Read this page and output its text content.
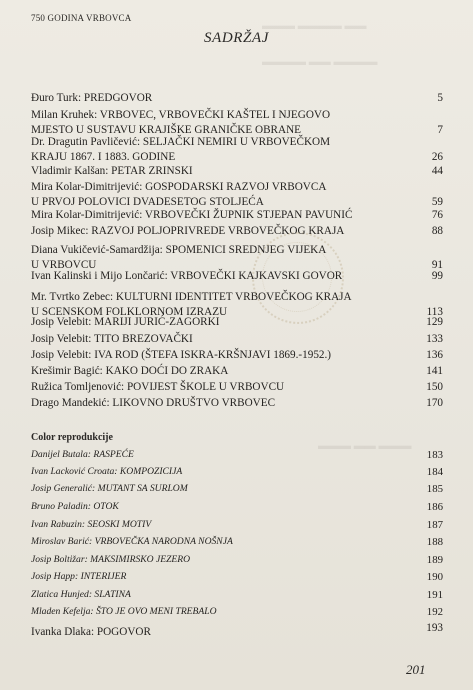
▬▬▬ ▬▬▬▬ ▬▬
▬▬▬▬ ▬▬ ▬▬▬▬
▬▬▬ ▬▬ ▬▬▬
750 GODINA VRBOVCA
SADRŽAJ
Đuro Turk: PREDGOVOR	5
Milan Kruhek: VRBOVEC, VRBOVEČKI KAŠTEL I NJEGOVO
MJESTO U SUSTAVU KRAJIŠKE GRANIČKE OBRANE	7
Dr. Dragutin Pavličević: SELJAČKI NEMIRI U VRBOVEČKOM
KRAJU 1867. I 1883. GODINE	26
Vladimir Kalšan: PETAR ZRINSKI	44
Mira Kolar-Dimitrijević: GOSPODARSKI RAZVOJ VRBOVCA
U PRVOJ POLOVICI DVADESETOG STOLJEĆA	59
Mira Kolar-Dimitrijević: VRBOVEČKI ŽUPNIK STJEPAN PAVUNIĆ	76
Josip Mikec: RAZVOJ POLJOPRIVREDE VRBOVEČKOG KRAJA	88
Diana Vukičević-Samardžija: SPOMENICI SREDNJEG VIJEKA
U VRBOVCU	91
Ivan Kalinski i Mijo Lončarić: VRBOVEČKI KAJKAVSKI GOVOR	99
Mr. Tvrtko Zebec: KULTURNI IDENTITET VRBOVEČKOG KRAJA
U SCENSKOM FOLKLORNOM IZRAZU	113
Josip Velebit: MARIJI JURIĆ-ZAGORKI	129
Josip Velebit: TITO BREZOVAČKI	133
Josip Velebit: IVA ROD (ŠTEFA ISKRA-KRŠNJAVI 1869.-1952.)	136
Krešimir Bagić: KAKO DOĆI DO ZRAKA	141
Ružica Tomljenović: POVIJEST ŠKOLE U VRBOVCU	150
Drago Mandekić: LIKOVNO DRUŠTVO VRBOVEC	170
Color reprodukcije
Danijel Butala: RASPEĆE	183
Ivan Lacković Croata: KOMPOZICIJA	184
Josip Generalić: MUTANT SA SURLOM	185
Bruno Paladin: OTOK	186
Ivan Rabuzin: SEOSKI MOTIV	187
Miroslav Barić: VRBOVEČKA NARODNA NOŠNJA	188
Josip Boltižar: MAKSIMIRSKO JEZERO	189
Josip Happ: INTERIJER	190
Zlatica Hunjed: SLATINA	191
Mladen Kefelja: ŠTO JE OVO MENI TREBALO	192
Ivanka Dlaka: POGOVOR	193
201
